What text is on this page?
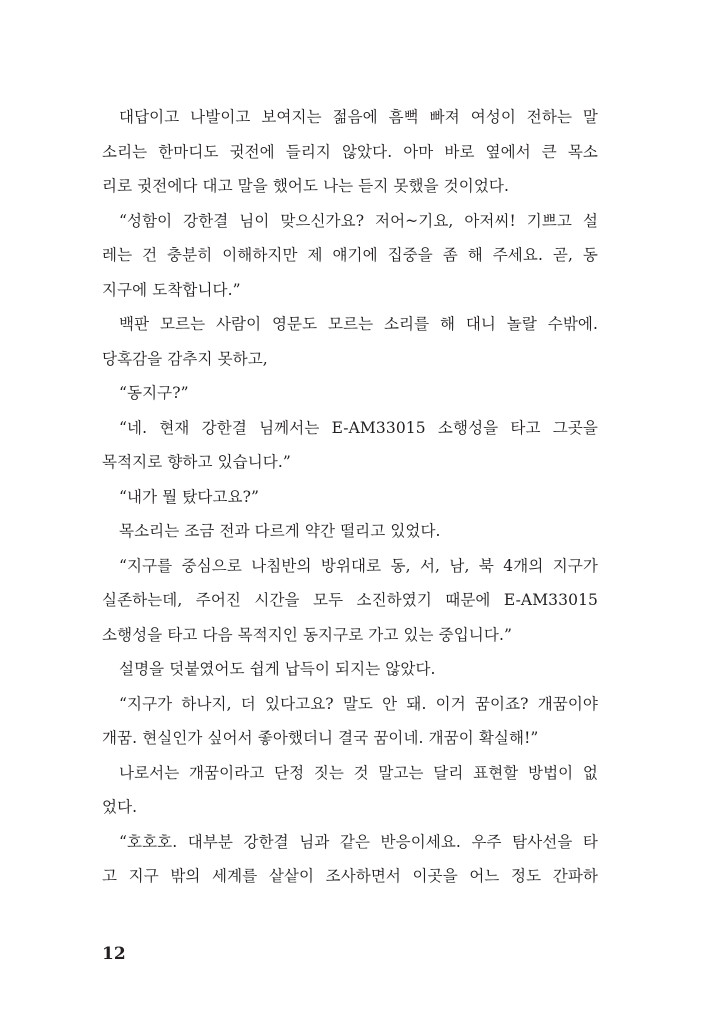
대답이고 나발이고 보여지는 젊음에 흠뻑 빠져 여성이 전하는 말
소리는 한마디도 귓전에 들리지 않았다. 아마 바로 옆에서 큰 목소
리로 귓전에다 대고 말을 했어도 나는 듣지 못했을 것이었다.
“성함이 강한결 님이 맞으신가요? 저어~기요, 아저씨! 기쁘고 설
레는 건 충분히 이해하지만 제 얘기에 집중을 좀 해 주세요. 곧, 동
지구에 도착합니다.”
백판 모르는 사람이 영문도 모르는 소리를 해 대니 놀랄 수밖에.
당혹감을 감추지 못하고,
“동지구?”
“네. 현재 강한결 님께서는 E-AM33015 소행성을 타고 그곳을
목적지로 향하고 있습니다.”
“내가 뭘 탔다고요?”
목소리는 조금 전과 다르게 약간 떨리고 있었다.
“지구를 중심으로 나침반의 방위대로 동, 서, 남, 북 4개의 지구가
실존하는데, 주어진 시간을 모두 소진하였기 때문에 E-AM33015
소행성을 타고 다음 목적지인 동지구로 가고 있는 중입니다.”
설명을 덧붙였어도 쉽게 납득이 되지는 않았다.
“지구가 하나지, 더 있다고요? 말도 안 돼. 이거 꿈이죠? 개꿈이야
개꿈. 현실인가 싶어서 좋아했더니 결국 꿈이네. 개꿈이 확실해!”
나로서는 개꿈이라고 단정 짓는 것 말고는 달리 표현할 방법이 없
었다.
“호호호. 대부분 강한결 님과 같은 반응이세요. 우주 탐사선을 타
고 지구 밖의 세계를 샅샅이 조사하면서 이곳을 어느 정도 간파하
12
